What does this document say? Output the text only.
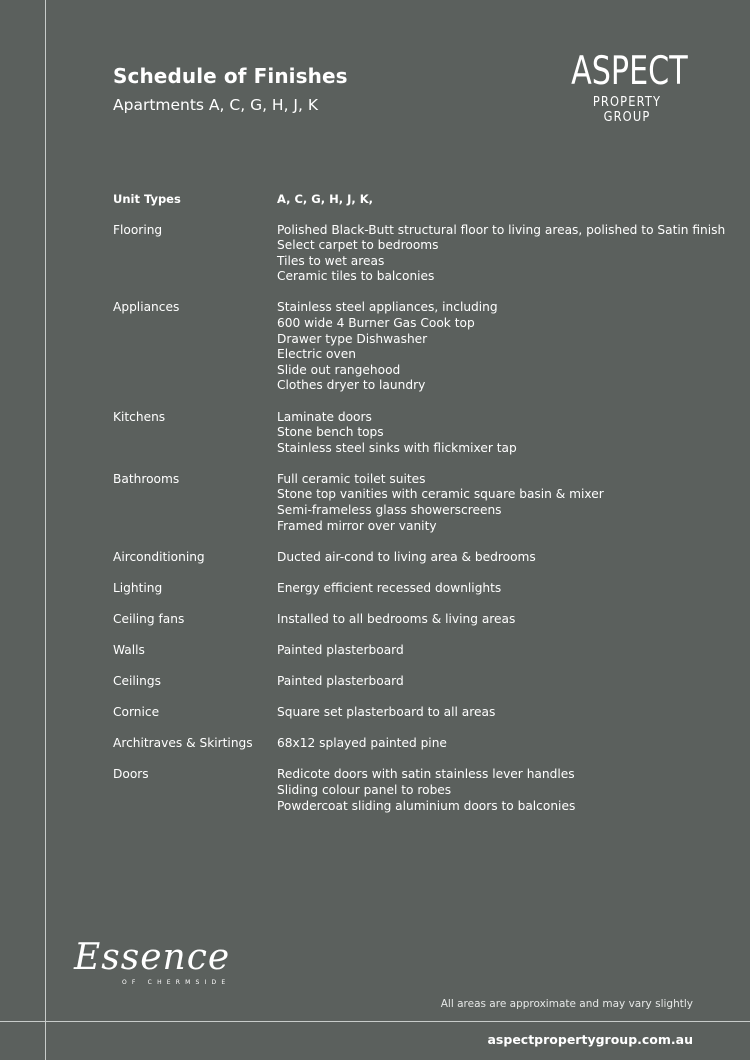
Schedule of Finishes
Apartments A, C, G, H, J, K
ASPECT
PROPERTY GROUP
Unit Types	A, C, G, H, J, K,
Flooring	Polished Black-Butt structural floor to living areas, polished to Satin finish
Select carpet to bedrooms
Tiles to wet areas
Ceramic tiles to balconies
Appliances	Stainless steel appliances, including
600 wide 4 Burner Gas Cook top
Drawer type Dishwasher
Electric oven
Slide out rangehood
Clothes dryer to laundry
Kitchens	Laminate doors
Stone bench tops
Stainless steel sinks with flickmixer tap
Bathrooms	Full ceramic toilet suites
Stone top vanities with ceramic square basin & mixer
Semi-frameless glass showerscreens
Framed mirror over vanity
Airconditioning	Ducted air-cond to living area & bedrooms
Lighting	Energy efficient recessed downlights
Ceiling fans	Installed to all bedrooms & living areas
Walls	Painted plasterboard
Ceilings	Painted plasterboard
Cornice	Square set plasterboard to all areas
Architraves & Skirtings	68x12 splayed painted pine
Doors	Redicote doors with satin stainless lever handles
Sliding colour panel to robes
Powdercoat sliding aluminium doors to balconies
Essence
OF CHERMSIDE
All areas are approximate and may vary slightly
aspectpropertygroup.com.au
